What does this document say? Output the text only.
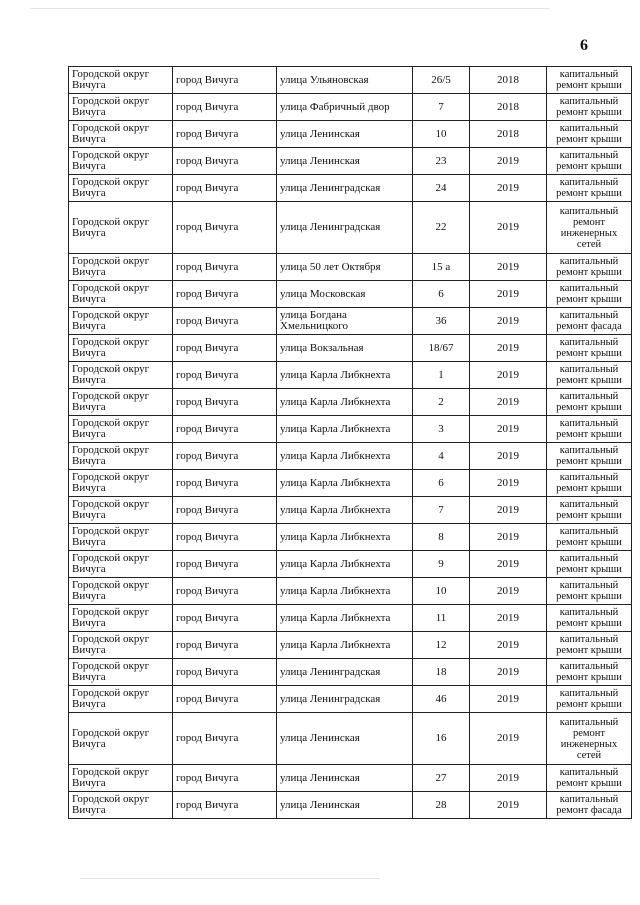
6
Городской округ Вичуга	город Вичуга	улица Ульяновская	26/5	2018	капитальный ремонт крыши
Городской округ Вичуга	город Вичуга	улица Фабричный двор	7	2018	капитальный ремонт крыши
Городской округ Вичуга	город Вичуга	улица Ленинская	10	2018	капитальный ремонт крыши
Городской округ Вичуга	город Вичуга	улица Ленинская	23	2019	капитальный ремонт крыши
Городской округ Вичуга	город Вичуга	улица Ленинградская	24	2019	капитальный ремонт крыши
Городской округ Вичуга	город Вичуга	улица Ленинградская	22	2019	капитальный ремонт инженерных сетей
Городской округ Вичуга	город Вичуга	улица 50 лет Октября	15 а	2019	капитальный ремонт крыши
Городской округ Вичуга	город Вичуга	улица Московская	6	2019	капитальный ремонт крыши
Городской округ Вичуга	город Вичуга	улица Богдана Хмельницкого	36	2019	капитальный ремонт фасада
Городской округ Вичуга	город Вичуга	улица Вокзальная	18/67	2019	капитальный ремонт крыши
Городской округ Вичуга	город Вичуга	улица Карла Либкнехта	1	2019	капитальный ремонт крыши
Городской округ Вичуга	город Вичуга	улица Карла Либкнехта	2	2019	капитальный ремонт крыши
Городской округ Вичуга	город Вичуга	улица Карла Либкнехта	3	2019	капитальный ремонт крыши
Городской округ Вичуга	город Вичуга	улица Карла Либкнехта	4	2019	капитальный ремонт крыши
Городской округ Вичуга	город Вичуга	улица Карла Либкнехта	6	2019	капитальный ремонт крыши
Городской округ Вичуга	город Вичуга	улица Карла Либкнехта	7	2019	капитальный ремонт крыши
Городской округ Вичуга	город Вичуга	улица Карла Либкнехта	8	2019	капитальный ремонт крыши
Городской округ Вичуга	город Вичуга	улица Карла Либкнехта	9	2019	капитальный ремонт крыши
Городской округ Вичуга	город Вичуга	улица Карла Либкнехта	10	2019	капитальный ремонт крыши
Городской округ Вичуга	город Вичуга	улица Карла Либкнехта	11	2019	капитальный ремонт крыши
Городской округ Вичуга	город Вичуга	улица Карла Либкнехта	12	2019	капитальный ремонт крыши
Городской округ Вичуга	город Вичуга	улица Ленинградская	18	2019	капитальный ремонт крыши
Городской округ Вичуга	город Вичуга	улица Ленинградская	46	2019	капитальный ремонт крыши
Городской округ Вичуга	город Вичуга	улица Ленинская	16	2019	капитальный ремонт инженерных сетей
Городской округ Вичуга	город Вичуга	улица Ленинская	27	2019	капитальный ремонт крыши
Городской округ Вичуга	город Вичуга	улица Ленинская	28	2019	капитальный ремонт фасада
